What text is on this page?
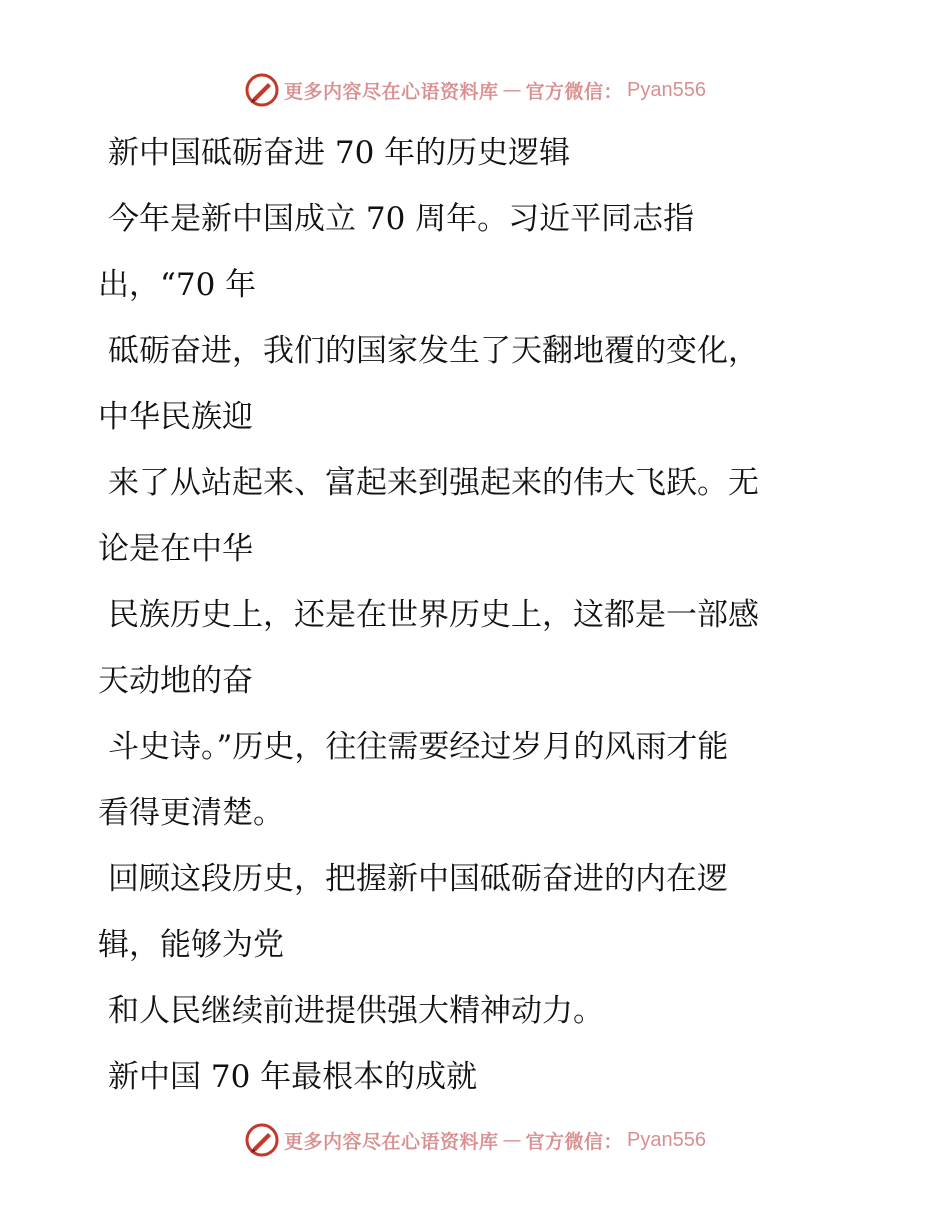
更多内容尽在心语资料库 — 官方微信： Pyan556

新中国砥砺奋进 70 年的历史逻辑

今年是新中国成立 70 周年。习近平同志指

出，“70 年

砥砺奋进，我们的国家发生了天翻地覆的变化，

中华民族迎

来了从站起来、富起来到强起来的伟大飞跃。无

论是在中华

民族历史上，还是在世界历史上，这都是一部感

天动地的奋

斗史诗。”历史，往往需要经过岁月的风雨才能

看得更清楚。

回顾这段历史，把握新中国砥砺奋进的内在逻

辑，能够为党

和人民继续前进提供强大精神动力。

新中国 70 年最根本的成就

更多内容尽在心语资料库 — 官方微信： Pyan556
